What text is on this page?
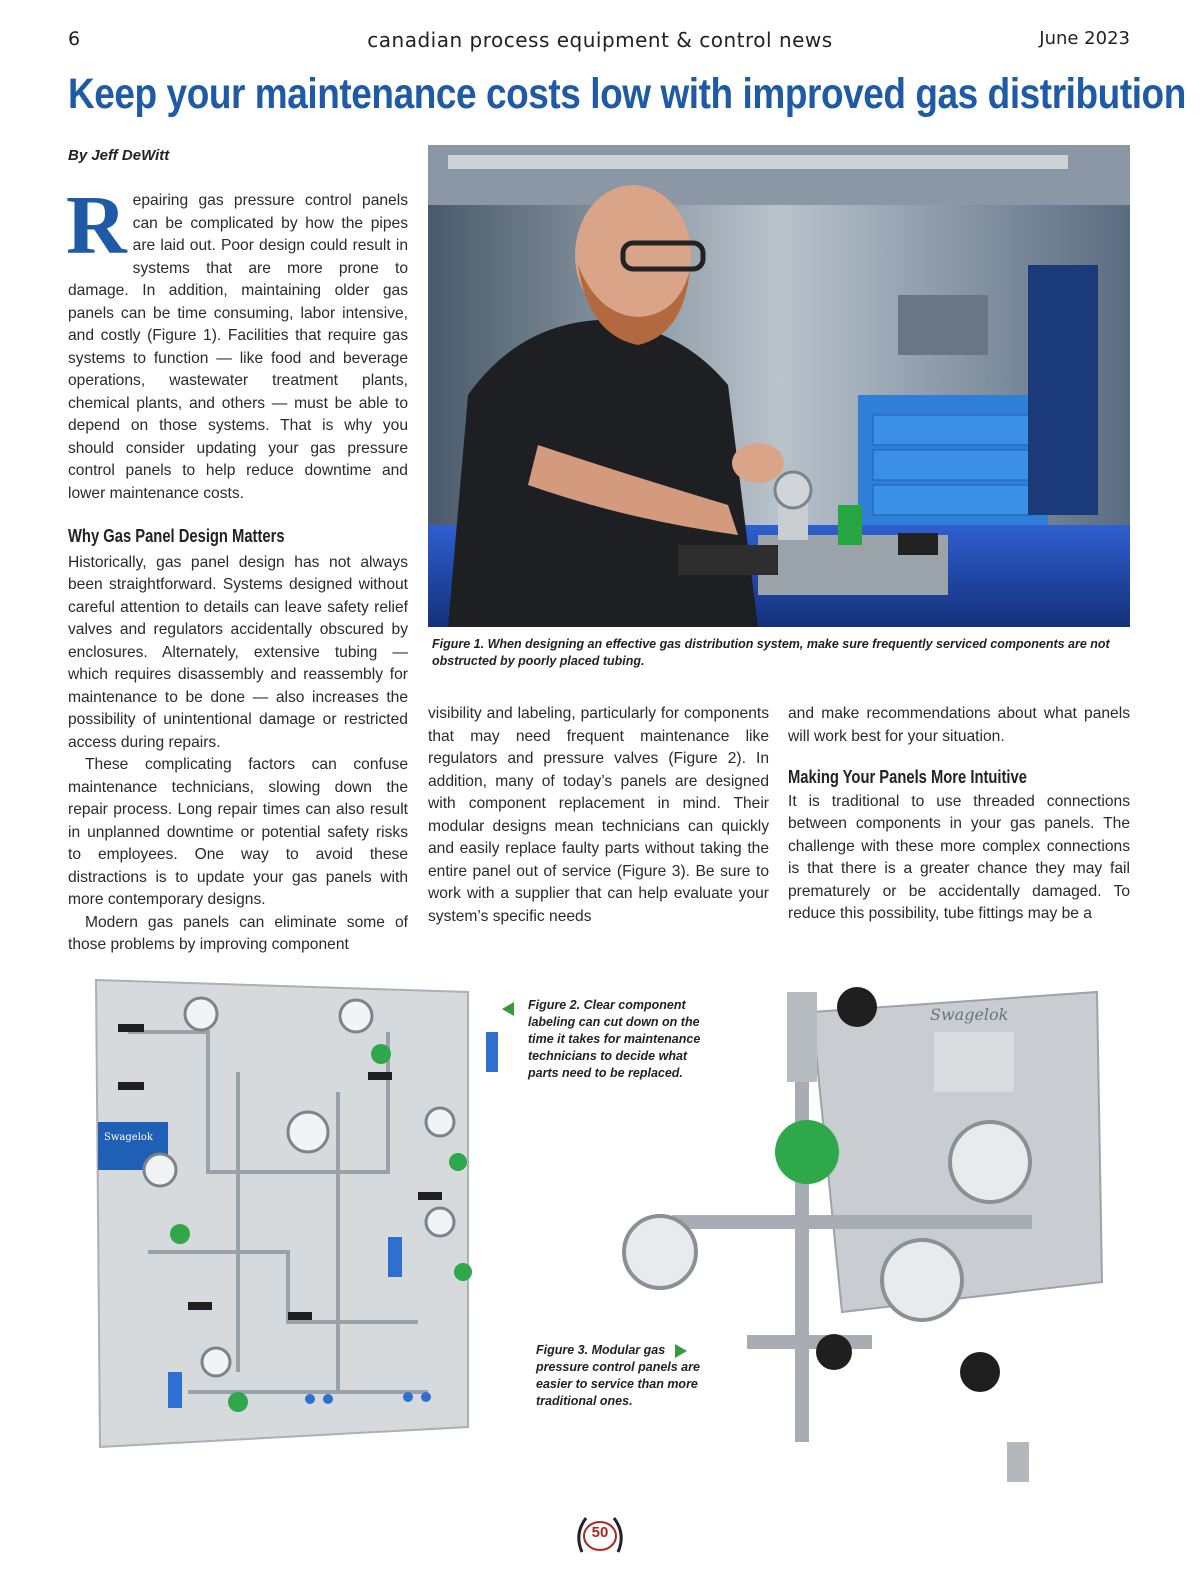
6	canadian process equipment & control news	June 2023
Keep your maintenance costs low with improved gas distribution
By Jeff DeWitt

Repairing gas pressure control panels can be complicated by how the pipes are laid out. Poor design could result in systems that are more prone to damage. In addition, maintaining older gas panels can be time consuming, labor intensive, and costly (Figure 1). Facilities that require gas systems to function — like food and beverage operations, wastewater treatment plants, chemical plants, and others — must be able to depend on those systems. That is why you should consider updating your gas pressure control panels to help reduce downtime and lower maintenance costs.

Why Gas Panel Design Matters

Historically, gas panel design has not always been straightforward. Systems designed without careful attention to details can leave safety relief valves and regulators accidentally obscured by enclosures. Alternately, extensive tubing — which requires disassembly and reassembly for maintenance to be done — also increases the possibility of unintentional damage or restricted access during repairs.

These complicating factors can confuse maintenance technicians, slowing down the repair process. Long repair times can also result in unplanned downtime or potential safety risks to employees. One way to avoid these distractions is to update your gas panels with more contemporary designs.

Modern gas panels can eliminate some of those problems by improving component

Figure 1. When designing an effective gas distribution system, make sure frequently serviced components are not obstructed by poorly placed tubing.

visibility and labeling, particularly for components that may need frequent maintenance like regulators and pressure valves (Figure 2). In addition, many of today’s panels are designed with component replacement in mind. Their modular designs mean technicians can quickly and easily replace faulty parts without taking the entire panel out of service (Figure 3). Be sure to work with a supplier that can help evaluate your system’s specific needs

and make recommendations about what panels will work best for your situation.

Making Your Panels More Intuitive

It is traditional to use threaded connections between components in your gas panels. The challenge with these more complex connections is that there is a greater chance they may fail prematurely or be accidentally damaged. To reduce this possibility, tube fittings may be a

Swagelok
Figure 2. Clear component labeling can cut down on the time it takes for maintenance technicians to decide what parts need to be replaced.
Swagelok
Figure 3. Modular gas pressure control panels are easier to service than more traditional ones.
50
